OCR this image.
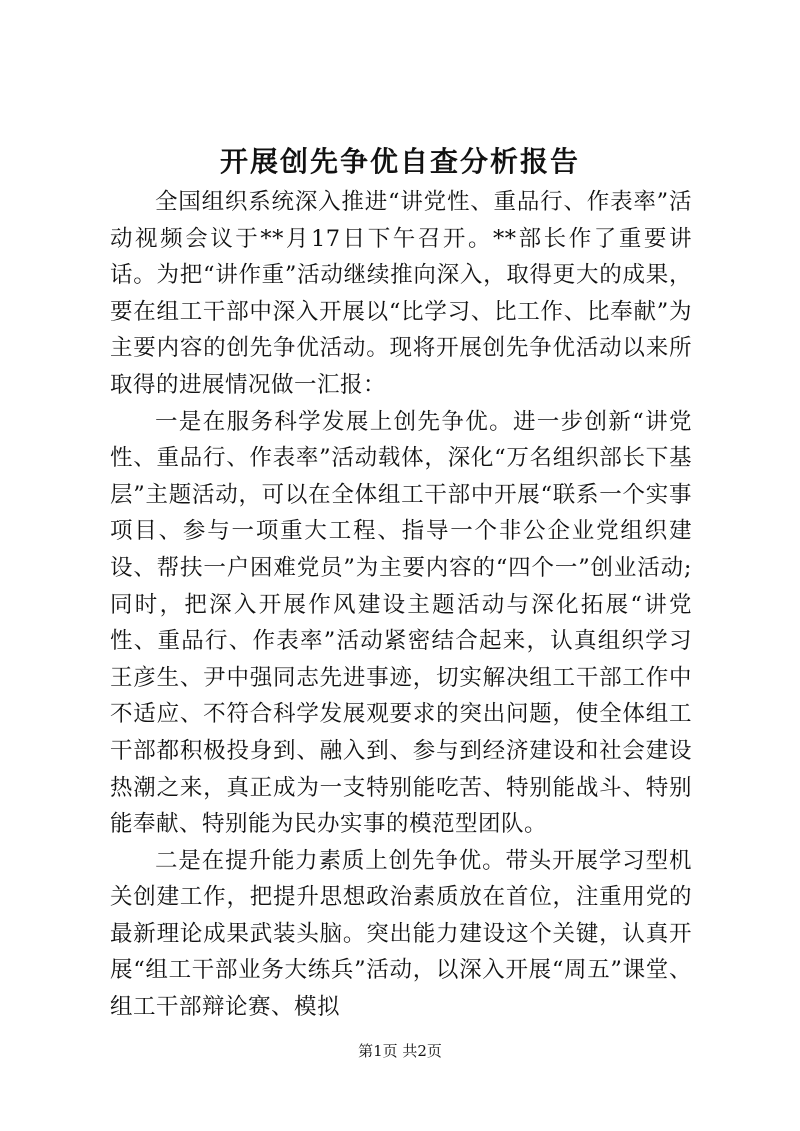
开展创先争优自查分析报告

全国组织系统深入推进“讲党性、重品行、作表率”活动视频会议于**月17日下午召开。**部长作了重要讲话。为把“讲作重”活动继续推向深入，取得更大的成果，要在组工干部中深入开展以“比学习、比工作、比奉献”为主要内容的创先争优活动。现将开展创先争优活动以来所取得的进展情况做一汇报：

一是在服务科学发展上创先争优。进一步创新“讲党性、重品行、作表率”活动载体，深化“万名组织部长下基层”主题活动，可以在全体组工干部中开展“联系一个实事项目、参与一项重大工程、指导一个非公企业党组织建设、帮扶一户困难党员”为主要内容的“四个一”创业活动;同时，把深入开展作风建设主题活动与深化拓展“讲党性、重品行、作表率”活动紧密结合起来，认真组织学习王彦生、尹中强同志先进事迹，切实解决组工干部工作中不适应、不符合科学发展观要求的突出问题，使全体组工干部都积极投身到、融入到、参与到经济建设和社会建设热潮之来，真正成为一支特别能吃苦、特别能战斗、特别能奉献、特别能为民办实事的模范型团队。

二是在提升能力素质上创先争优。带头开展学习型机关创建工作，把提升思想政治素质放在首位，注重用党的最新理论成果武装头脑。突出能力建设这个关键，认真开展“组工干部业务大练兵”活动，以深入开展“周五”课堂、组工干部辩论赛、模拟

第1页 共2页
